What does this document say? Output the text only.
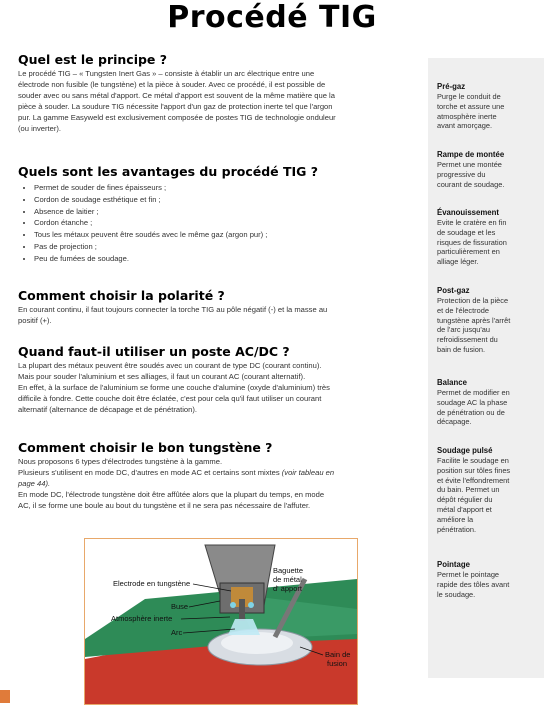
Procédé TIG
Quel est le principe ?

Le procédé TIG – « Tungsten Inert Gas » – consiste à établir un arc électrique entre une

électrode non fusible (le tungstène) et la pièce à souder. Avec ce procédé, il est possible de

souder avec ou sans métal d'apport. Ce métal d'apport est souvent de la même matière que la

pièce à souder. La soudure TIG nécessite l'apport d'un gaz de protection inerte tel que l'argon

pur. La gamme Easyweld est exclusivement composée de postes TIG de technologie onduleur

(ou inverter).

Quels sont les avantages du procédé TIG ?
• Permet de souder de fines épaisseurs ;
• Cordon de soudage esthétique et fin ;
• Absence de laitier ;
• Cordon étanche ;
• Tous les métaux peuvent être soudés avec le même gaz (argon pur) ;
• Pas de projection ;
• Peu de fumées de soudage.
Comment choisir la polarité ?

En courant continu, il faut toujours connecter la torche TIG au pôle négatif (-) et la masse au

positif (+).

Quand faut-il utiliser un poste AC/DC ?

La plupart des métaux peuvent être soudés avec un courant de type DC (courant continu).

Mais pour souder l'aluminium et ses alliages, il faut un courant AC (courant alternatif).

En effet, à la surface de l'aluminium se forme une couche d'alumine (oxyde d'aluminium) très

difficile à fondre. Cette couche doit être éclatée, c'est pour cela qu'il faut utiliser un courant

alternatif (alternance de décapage et de pénétration).

Comment choisir le bon tungstène ?

Nous proposons 6 types d'électrodes tungstène à la gamme.

Plusieurs s'utilisent en mode DC, d'autres en mode AC et certains sont mixtes (voir tableau en

page 44).

En mode DC, l'électrode tungstène doit être affûtée alors que la plupart du temps, en mode

AC, il se forme une boule au bout du tungstène et il ne sera pas nécessaire de l'affuter.

Pré-gaz
Purge le conduit de
torche et assure une
atmosphère inerte
avant amorçage.
Rampe de montée
Permet une montée
progressive du
courant de soudage.
Évanouissement
Evite le cratère en fin
de soudage et les
risques de fissuration
particulièrement en
alliage léger.
Post-gaz
Protection de la pièce
et de l'électrode
tungstène après l'arrêt
de l'arc jusqu'au
refroidissement du
bain de fusion.
Balance
Permet de modifier en
soudage AC la phase
de pénétration ou de
décapage.
Soudage pulsé
Facilite le soudage en
position sur tôles fines
et évite l'effondrement
du bain. Permet un
dépôt régulier du
métal d'apport et
améliore la
pénétration.
Pointage
Permet le pointage
rapide des tôles avant
le soudage.
Electrode en tungstène
Baguette
de métal
d' apport
Buse
Atmosphère inerte
Arc
Bain de
fusion
